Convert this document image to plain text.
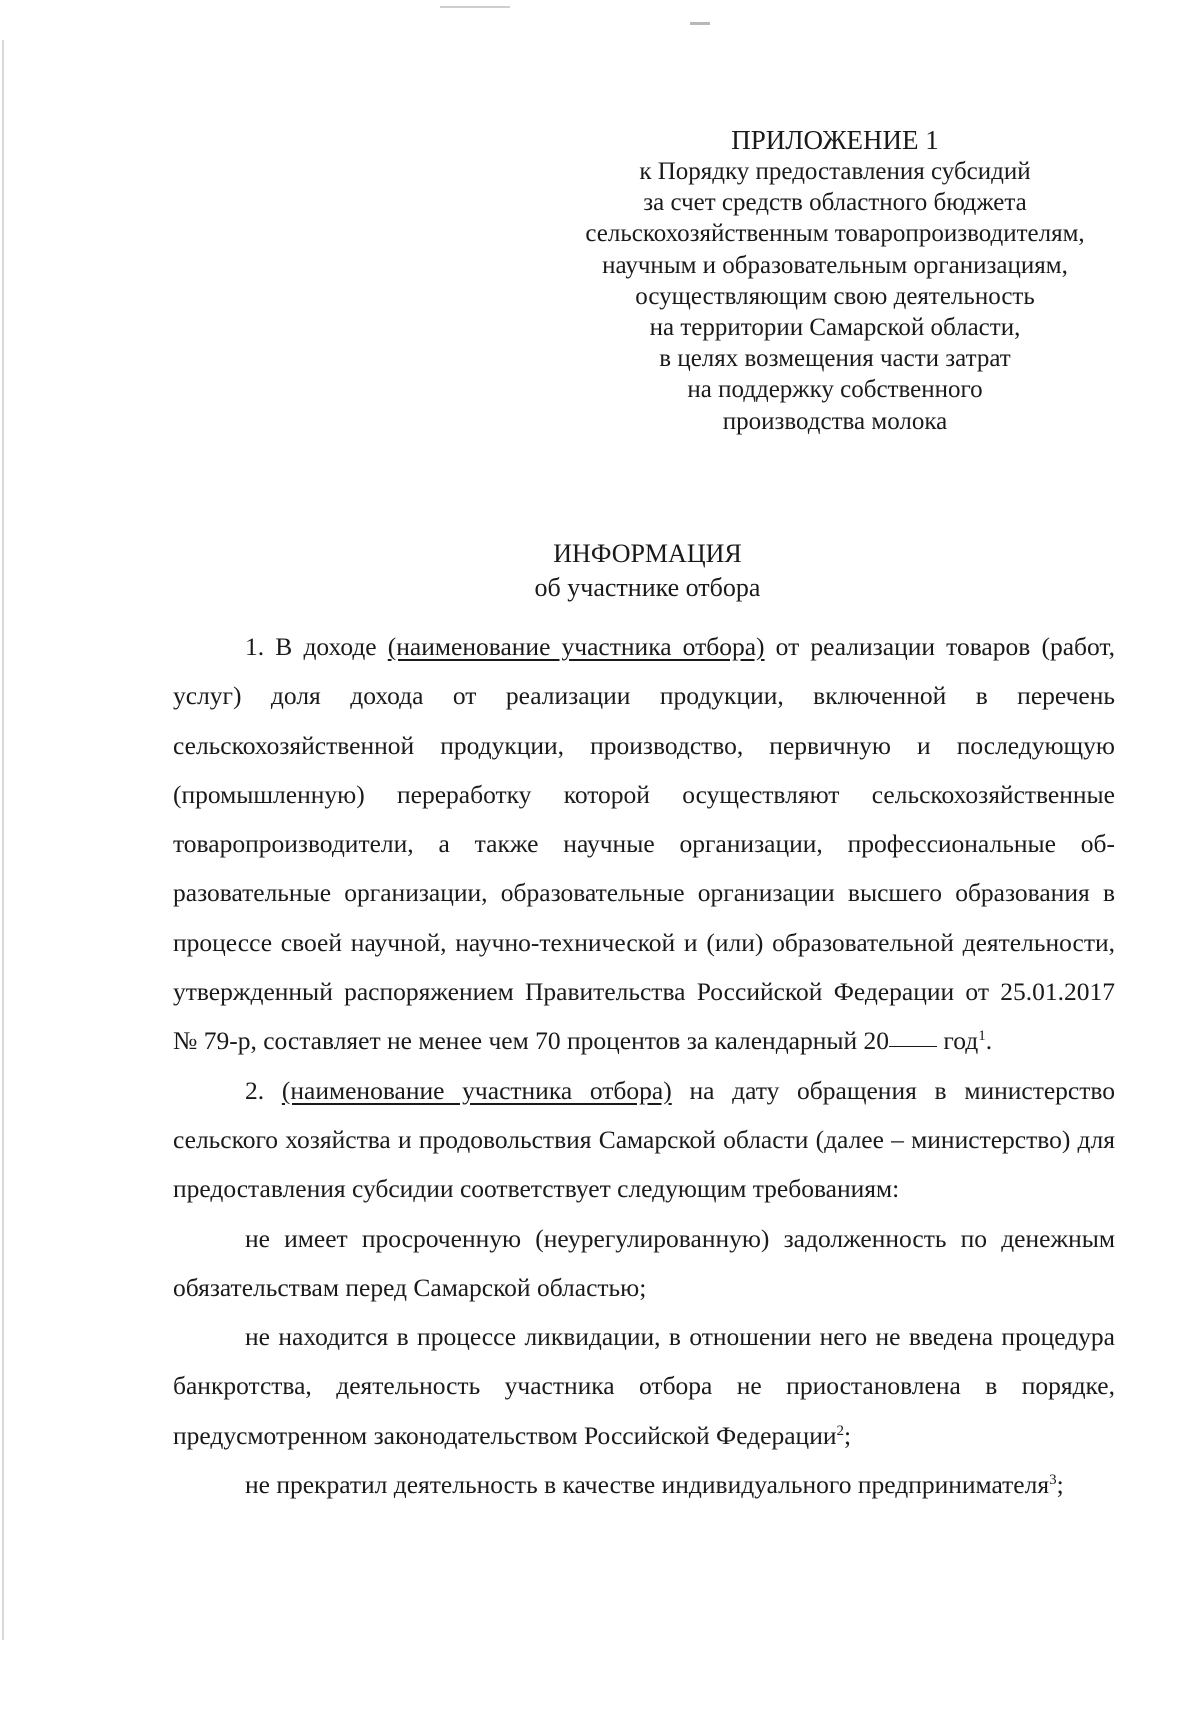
ПРИЛОЖЕНИЕ 1

к Порядку предоставления субсидий

за счет средств областного бюджета

сельскохозяйственным товаропроизводителям,

научным и образовательным организациям,

осуществляющим свою деятельность

на территории Самарской области,

в целях возмещения части затрат

на поддержку собственного

производства молока

ИНФОРМАЦИЯ

об участнике отбора

1. В доходе (наименование участника отбора) от реализации товаров (работ, услуг) доля дохода от реализации продукции, включенной в перечень сельскохозяйственной продукции, производство, первичную и последующую (промышленную) переработку которой осуществляют сельскохозяйственные товаропроизводители, а также научные организации, профессиональные образовательные организации, образовательные организации высшего образования в процессе своей научной, научно-технической и (или) образовательной деятельности, утвержденный распоряжением Правительства Российской Федерации от 25.01.2017 № 79-р, составляет не менее чем 70 процентов за календарный 20 год$^1$.

2. (наименование участника отбора) на дату обращения в министерство сельского хозяйства и продовольствия Самарской области (далее – министерство) для предоставления субсидии соответствует следующим требованиям:

не имеет просроченную (неурегулированную) задолженность по денежным обязательствам перед Самарской областью;

не находится в процессе ликвидации, в отношении него не введена процедура банкротства, деятельность участника отбора не приостановлена в порядке, предусмотренном законодательством Российской Федерации$^2$;

не прекратил деятельность в качестве индивидуального предпринимателя$^3$;
